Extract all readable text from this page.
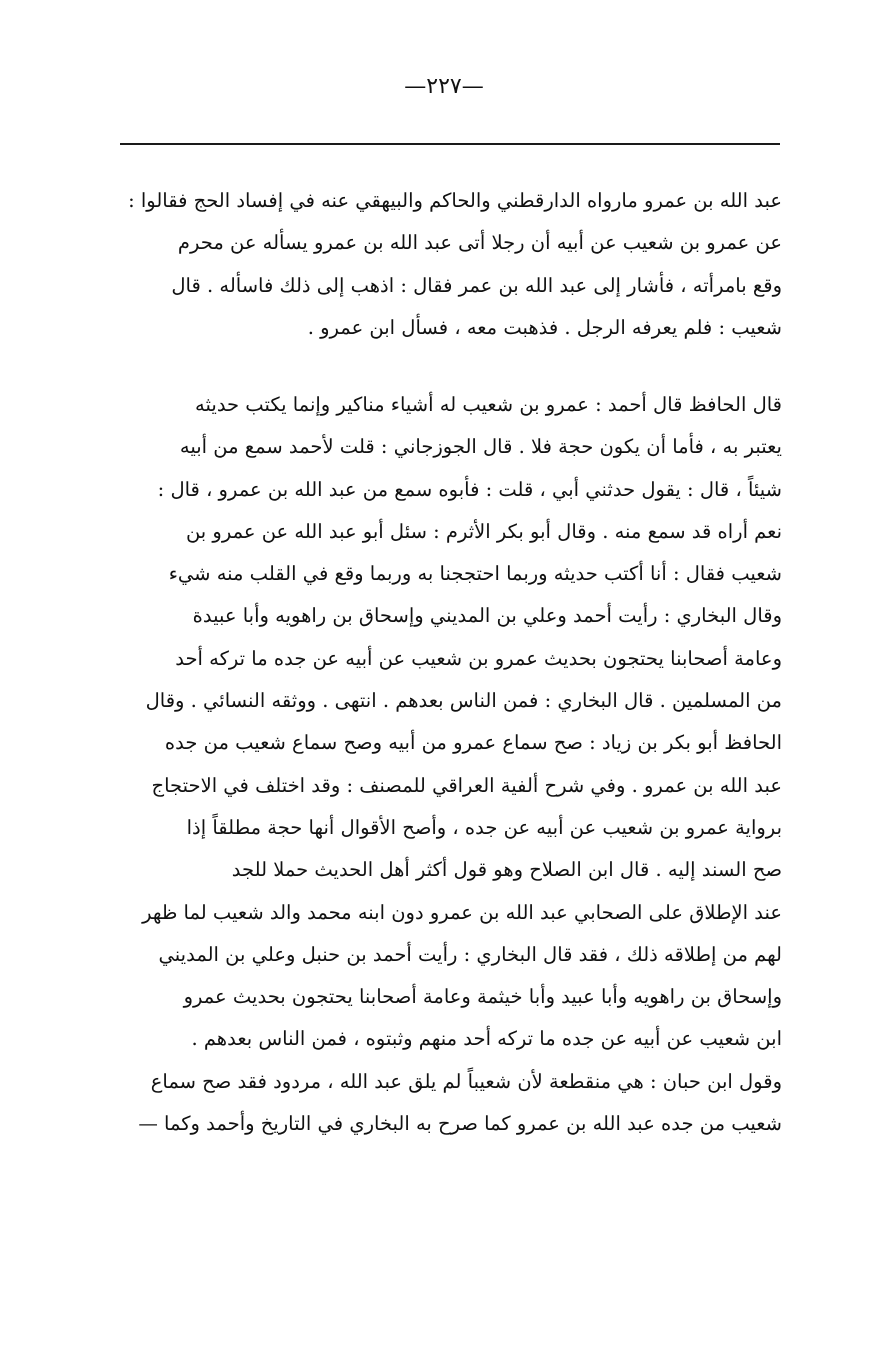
—٢٢٧—

عبد الله بن عمرو مارواه الدارقطني والحاكم والبيهقي عنه في إفساد الحج فقالوا :
عن عمرو بن شعيب عن أبيه أن رجلا أتى عبد الله بن عمرو يسأله عن محرم
وقع بامرأته ، فأشار إلى عبد الله بن عمر فقال : اذهب إلى ذلك فاسأله . قال
شعيب : فلم يعرفه الرجل . فذهبت معه ، فسأل ابن عمرو .

قال الحافظ قال أحمد : عمرو بن شعيب له أشياء مناكير وإنما يكتب حديثه
يعتبر به ، فأما أن يكون حجة فلا . قال الجوزجاني : قلت لأحمد سمع من أبيه
شيئاً ، قال : يقول حدثني أبي ، قلت : فأبوه سمع من عبد الله بن عمرو ، قال :
نعم أراه قد سمع منه . وقال أبو بكر الأثرم : سئل أبو عبد الله عن عمرو بن
شعيب فقال : أنا أكتب حديثه وربما احتججنا به وربما وقع في القلب منه شيء
وقال البخاري : رأيت أحمد وعلي بن المديني وإسحاق بن راهويه وأبا عبيدة
وعامة أصحابنا يحتجون بحديث عمرو بن شعيب عن أبيه عن جده ما تركه أحد
من المسلمين . قال البخاري : فمن الناس بعدهم . انتهى . ووثقه النسائي . وقال
الحافظ أبو بكر بن زياد : صح سماع عمرو من أبيه وصح سماع شعيب من جده
عبد الله بن عمرو . وفي شرح ألفية العراقي للمصنف : وقد اختلف في الاحتجاج
برواية عمرو بن شعيب عن أبيه عن جده ، وأصح الأقوال أنها حجة مطلقاً إذا
صح السند إليه . قال ابن الصلاح وهو قول أكثر أهل الحديث حملا للجد
عند الإطلاق على الصحابي عبد الله بن عمرو دون ابنه محمد والد شعيب لما ظهر
لهم من إطلاقه ذلك ، فقد قال البخاري : رأيت أحمد بن حنبل وعلي بن المديني
وإسحاق بن راهويه وأبا عبيد وأبا خيثمة وعامة أصحابنا يحتجون بحديث عمرو
ابن شعيب عن أبيه عن جده ما تركه أحد منهم وثبتوه ، فمن الناس بعدهم .
وقول ابن حبان : هي منقطعة لأن شعيباً لم يلق عبد الله ، مردود فقد صح سماع
شعيب من جده عبد الله بن عمرو كما صرح به البخاري في التاريخ وأحمد وكما —
